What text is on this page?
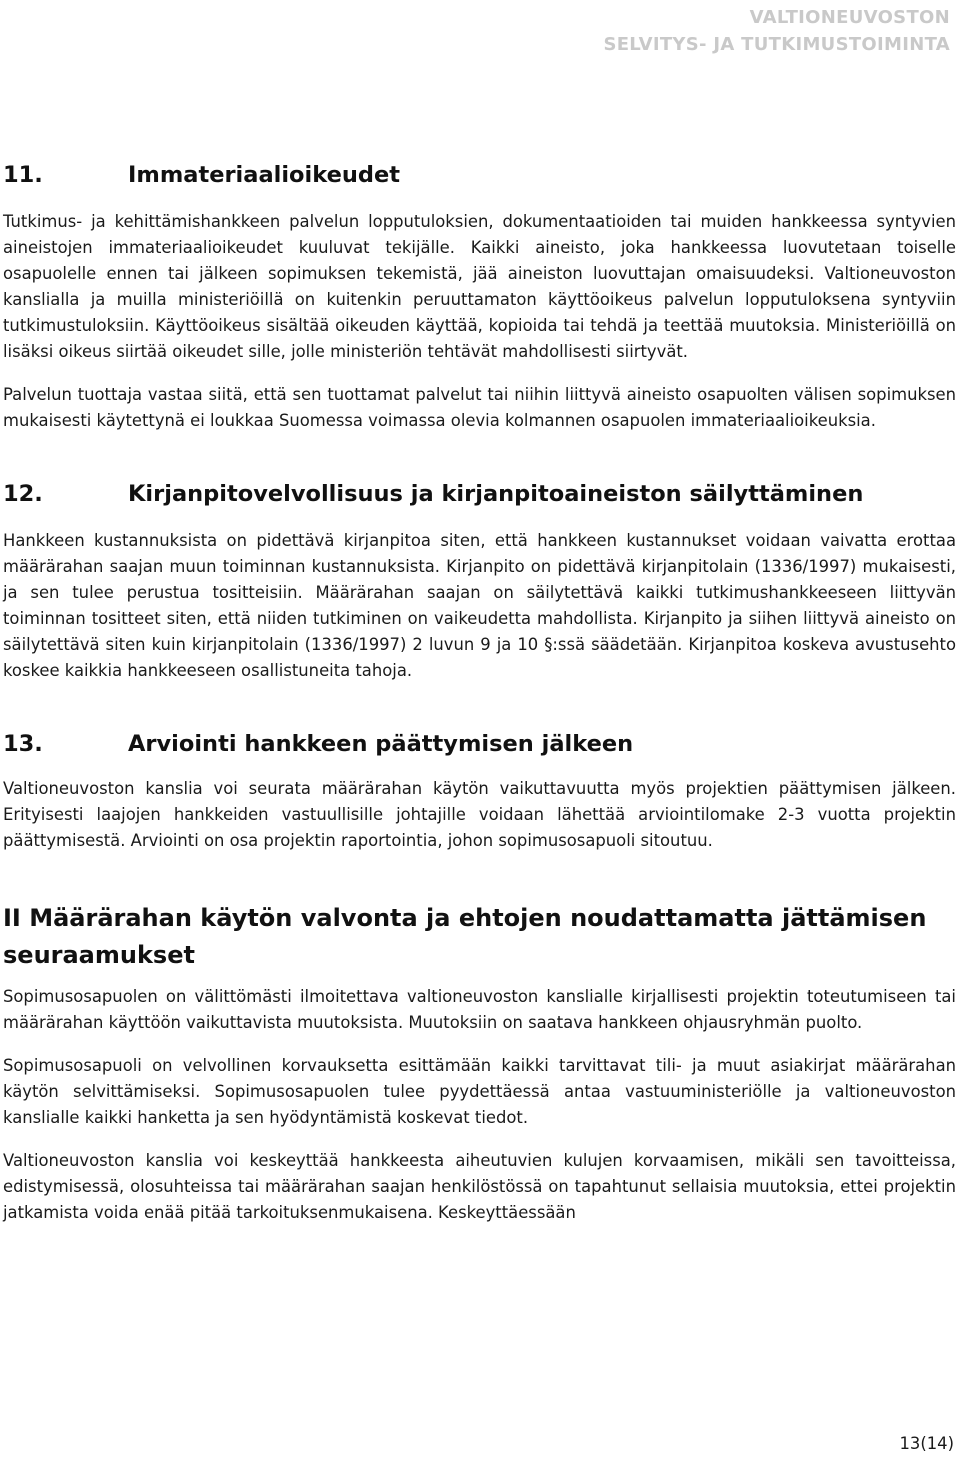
VALTIONEUVOSTON
SELVITYS- JA TUTKIMUSTOIMINTA
11.	Immateriaalioikeudet

Tutkimus- ja kehittämishankkeen palvelun lopputuloksien, dokumentaatioiden tai muiden hankkeessa syntyvien aineistojen immateriaalioikeudet kuuluvat tekijälle. Kaikki aineisto, joka hankkeessa luovutetaan toiselle osapuolelle ennen tai jälkeen sopimuksen tekemistä, jää aineiston luovuttajan omaisuudeksi. Valtioneuvoston kanslialla ja muilla ministeriöillä on kuitenkin peruuttamaton käyttöoikeus palvelun lopputuloksena syntyviin tutkimustuloksiin. Käyttöoikeus sisältää oikeuden käyttää, kopioida tai tehdä ja teettää muutoksia. Ministeriöillä on lisäksi oikeus siirtää oikeudet sille, jolle ministeriön tehtävät mahdollisesti siirtyvät.

Palvelun tuottaja vastaa siitä, että sen tuottamat palvelut tai niihin liittyvä aineisto osapuolten välisen sopimuksen mukaisesti käytettynä ei loukkaa Suomessa voimassa olevia kolmannen osapuolen immateriaalioikeuksia.

12.	Kirjanpitovelvollisuus ja kirjanpitoaineiston säilyttäminen

Hankkeen kustannuksista on pidettävä kirjanpitoa siten, että hankkeen kustannukset voidaan vaivatta erottaa määrärahan saajan muun toiminnan kustannuksista. Kirjanpito on pidettävä kirjanpitolain (1336/1997) mukaisesti, ja sen tulee perustua tositteisiin. Määrärahan saajan on säilytettävä kaikki tutkimushankkeeseen liittyvän toiminnan tositteet siten, että niiden tutkiminen on vaikeudetta mahdollista. Kirjanpito ja siihen liittyvä aineisto on säilytettävä siten kuin kirjanpitolain (1336/1997) 2 luvun 9 ja 10 §:ssä säädetään. Kirjanpitoa koskeva avustusehto koskee kaikkia hankkeeseen osallistuneita tahoja.

13.	Arviointi hankkeen päättymisen jälkeen

Valtioneuvoston kanslia voi seurata määrärahan käytön vaikuttavuutta myös projektien päättymisen jälkeen. Erityisesti laajojen hankkeiden vastuullisille johtajille voidaan lähettää arviointilomake 2-3 vuotta projektin päättymisestä. Arviointi on osa projektin raportointia, johon sopimusosapuoli sitoutuu.

II Määrärahan käytön valvonta ja ehtojen noudattamatta jättämisen seuraamukset

Sopimusosapuolen on välittömästi ilmoitettava valtioneuvoston kanslialle kirjallisesti projektin toteutumiseen tai määrärahan käyttöön vaikuttavista muutoksista. Muutoksiin on saatava hankkeen ohjausryhmän puolto.

Sopimusosapuoli on velvollinen korvauksetta esittämään kaikki tarvittavat tili- ja muut asiakirjat määrärahan käytön selvittämiseksi. Sopimusosapuolen tulee pyydettäessä antaa vastuuministeriölle ja valtioneuvoston kanslialle kaikki hanketta ja sen hyödyntämistä koskevat tiedot.

Valtioneuvoston kanslia voi keskeyttää hankkeesta aiheutuvien kulujen korvaamisen, mikäli sen tavoitteissa, edistymisessä, olosuhteissa tai määrärahan saajan henkilöstössä on tapahtunut sellaisia muutoksia, ettei projektin jatkamista voida enää pitää tarkoituksenmukaisena. Keskeyttäessään

13(14)
